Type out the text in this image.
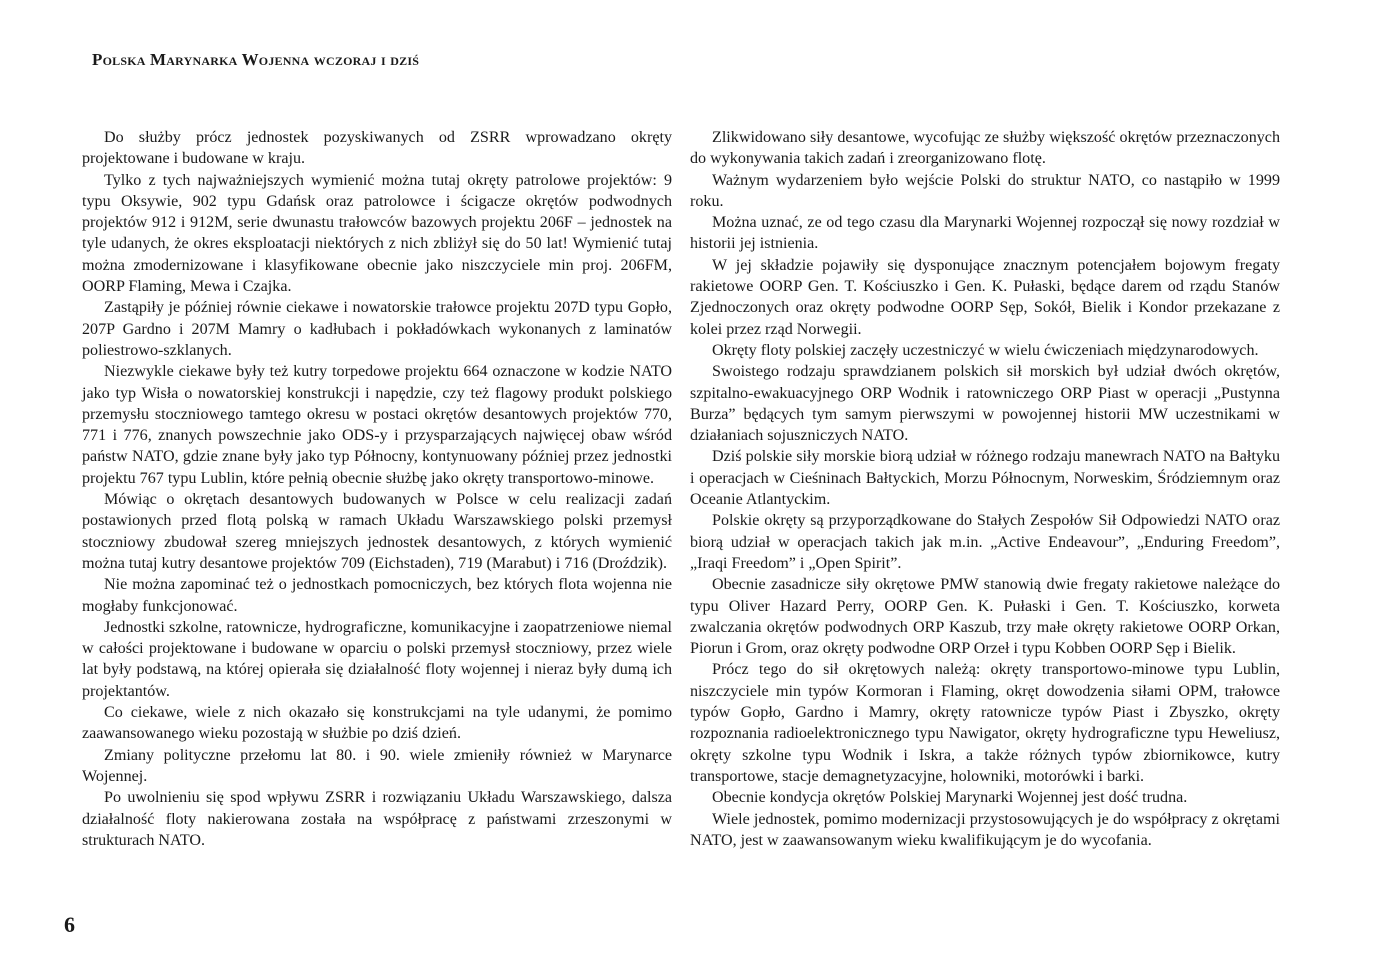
Polska Marynarka Wojenna wczoraj i dziś

Do służby prócz jednostek pozyskiwanych od ZSRR wprowadzano okręty projektowane i budowane w kraju.

Tylko z tych najważniejszych wymienić można tutaj okręty patrolowe projektów: 9 typu Oksywie, 902 typu Gdańsk oraz patrolowce i ścigacze okrętów podwodnych projektów 912 i 912M, serie dwunastu trałowców bazowych projektu 206F – jednostek na tyle udanych, że okres eksploatacji niektórych z nich zbliżył się do 50 lat! Wymienić tutaj można zmodernizowane i klasyfikowane obecnie jako niszczyciele min proj. 206FM, OORP Flaming, Mewa i Czajka.

Zastąpiły je później równie ciekawe i nowatorskie trałowce projektu 207D typu Gopło, 207P Gardno i 207M Mamry o kadłubach i pokładówkach wykonanych z laminatów poliestrowo-szklanych.

Niezwykle ciekawe były też kutry torpedowe projektu 664 oznaczone w kodzie NATO jako typ Wisła o nowatorskiej konstrukcji i napędzie, czy też flagowy produkt polskiego przemysłu stoczniowego tamtego okresu w postaci okrętów desantowych projektów 770, 771 i 776, znanych powszechnie jako ODS-y i przysparzających najwięcej obaw wśród państw NATO, gdzie znane były jako typ Północny, kontynuowany później przez jednostki projektu 767 typu Lublin, które pełnią obecnie służbę jako okręty transportowo-minowe.

Mówiąc o okrętach desantowych budowanych w Polsce w celu realizacji zadań postawionych przed flotą polską w ramach Układu Warszawskiego polski przemysł stoczniowy zbudował szereg mniejszych jednostek desantowych, z których wymienić można tutaj kutry desantowe projektów 709 (Eichstaden), 719 (Marabut) i 716 (Droździk).

Nie można zapominać też o jednostkach pomocniczych, bez których flota wojenna nie mogłaby funkcjonować.

Jednostki szkolne, ratownicze, hydrograficzne, komunikacyjne i zaopatrzeniowe niemal w całości projektowane i budowane w oparciu o polski przemysł stoczniowy, przez wiele lat były podstawą, na której opierała się działalność floty wojennej i nieraz były dumą ich projektantów.

Co ciekawe, wiele z nich okazało się konstrukcjami na tyle udanymi, że pomimo zaawansowanego wieku pozostają w służbie po dziś dzień.

Zmiany polityczne przełomu lat 80. i 90. wiele zmieniły również w Marynarce Wojennej.

Po uwolnieniu się spod wpływu ZSRR i rozwiązaniu Układu Warszawskiego, dalsza działalność floty nakierowana została na współpracę z państwami zrzeszonymi w strukturach NATO.

Zlikwidowano siły desantowe, wycofując ze służby większość okrętów przeznaczonych do wykonywania takich zadań i zreorganizowano flotę.

Ważnym wydarzeniem było wejście Polski do struktur NATO, co nastąpiło w 1999 roku.

Można uznać, ze od tego czasu dla Marynarki Wojennej rozpoczął się nowy rozdział w historii jej istnienia.

W jej składzie pojawiły się dysponujące znacznym potencjałem bojowym fregaty rakietowe OORP Gen. T. Kościuszko i Gen. K. Pułaski, będące darem od rządu Stanów Zjednoczonych oraz okręty podwodne OORP Sęp, Sokół, Bielik i Kondor przekazane z kolei przez rząd Norwegii.

Okręty floty polskiej zaczęły uczestniczyć w wielu ćwiczeniach międzynarodowych.

Swoistego rodzaju sprawdzianem polskich sił morskich był udział dwóch okrętów, szpitalno-ewakuacyjnego ORP Wodnik i ratowniczego ORP Piast w operacji „Pustynna Burza” będących tym samym pierwszymi w powojennej historii MW uczestnikami w działaniach sojuszniczych NATO.

Dziś polskie siły morskie biorą udział w różnego rodzaju manewrach NATO na Bałtyku i operacjach w Cieśninach Bałtyckich, Morzu Północnym, Norweskim, Śródziemnym oraz Oceanie Atlantyckim.

Polskie okręty są przyporządkowane do Stałych Zespołów Sił Odpowiedzi NATO oraz biorą udział w operacjach takich jak m.in. „Active Endeavour”, „Enduring Freedom”, „Iraqi Freedom” i „Open Spirit”.

Obecnie zasadnicze siły okrętowe PMW stanowią dwie fregaty rakietowe należące do typu Oliver Hazard Perry, OORP Gen. K. Pułaski i Gen. T. Kościuszko, korweta zwalczania okrętów podwodnych ORP Kaszub, trzy małe okręty rakietowe OORP Orkan, Piorun i Grom, oraz okręty podwodne ORP Orzeł i typu Kobben OORP Sęp i Bielik.

Prócz tego do sił okrętowych należą: okręty transportowo-minowe typu Lublin, niszczyciele min typów Kormoran i Flaming, okręt dowodzenia siłami OPM, trałowce typów Gopło, Gardno i Mamry, okręty ratownicze typów Piast i Zbyszko, okręty rozpoznania radioelektronicznego typu Nawigator, okręty hydrograficzne typu Heweliusz, okręty szkolne typu Wodnik i Iskra, a także różnych typów zbiornikowce, kutry transportowe, stacje demagnetyzacyjne, holowniki, motorówki i barki.

Obecnie kondycja okrętów Polskiej Marynarki Wojennej jest dość trudna.

Wiele jednostek, pomimo modernizacji przystosowujących je do współpracy z okrętami NATO, jest w zaawansowanym wieku kwalifikującym je do wycofania.

6
